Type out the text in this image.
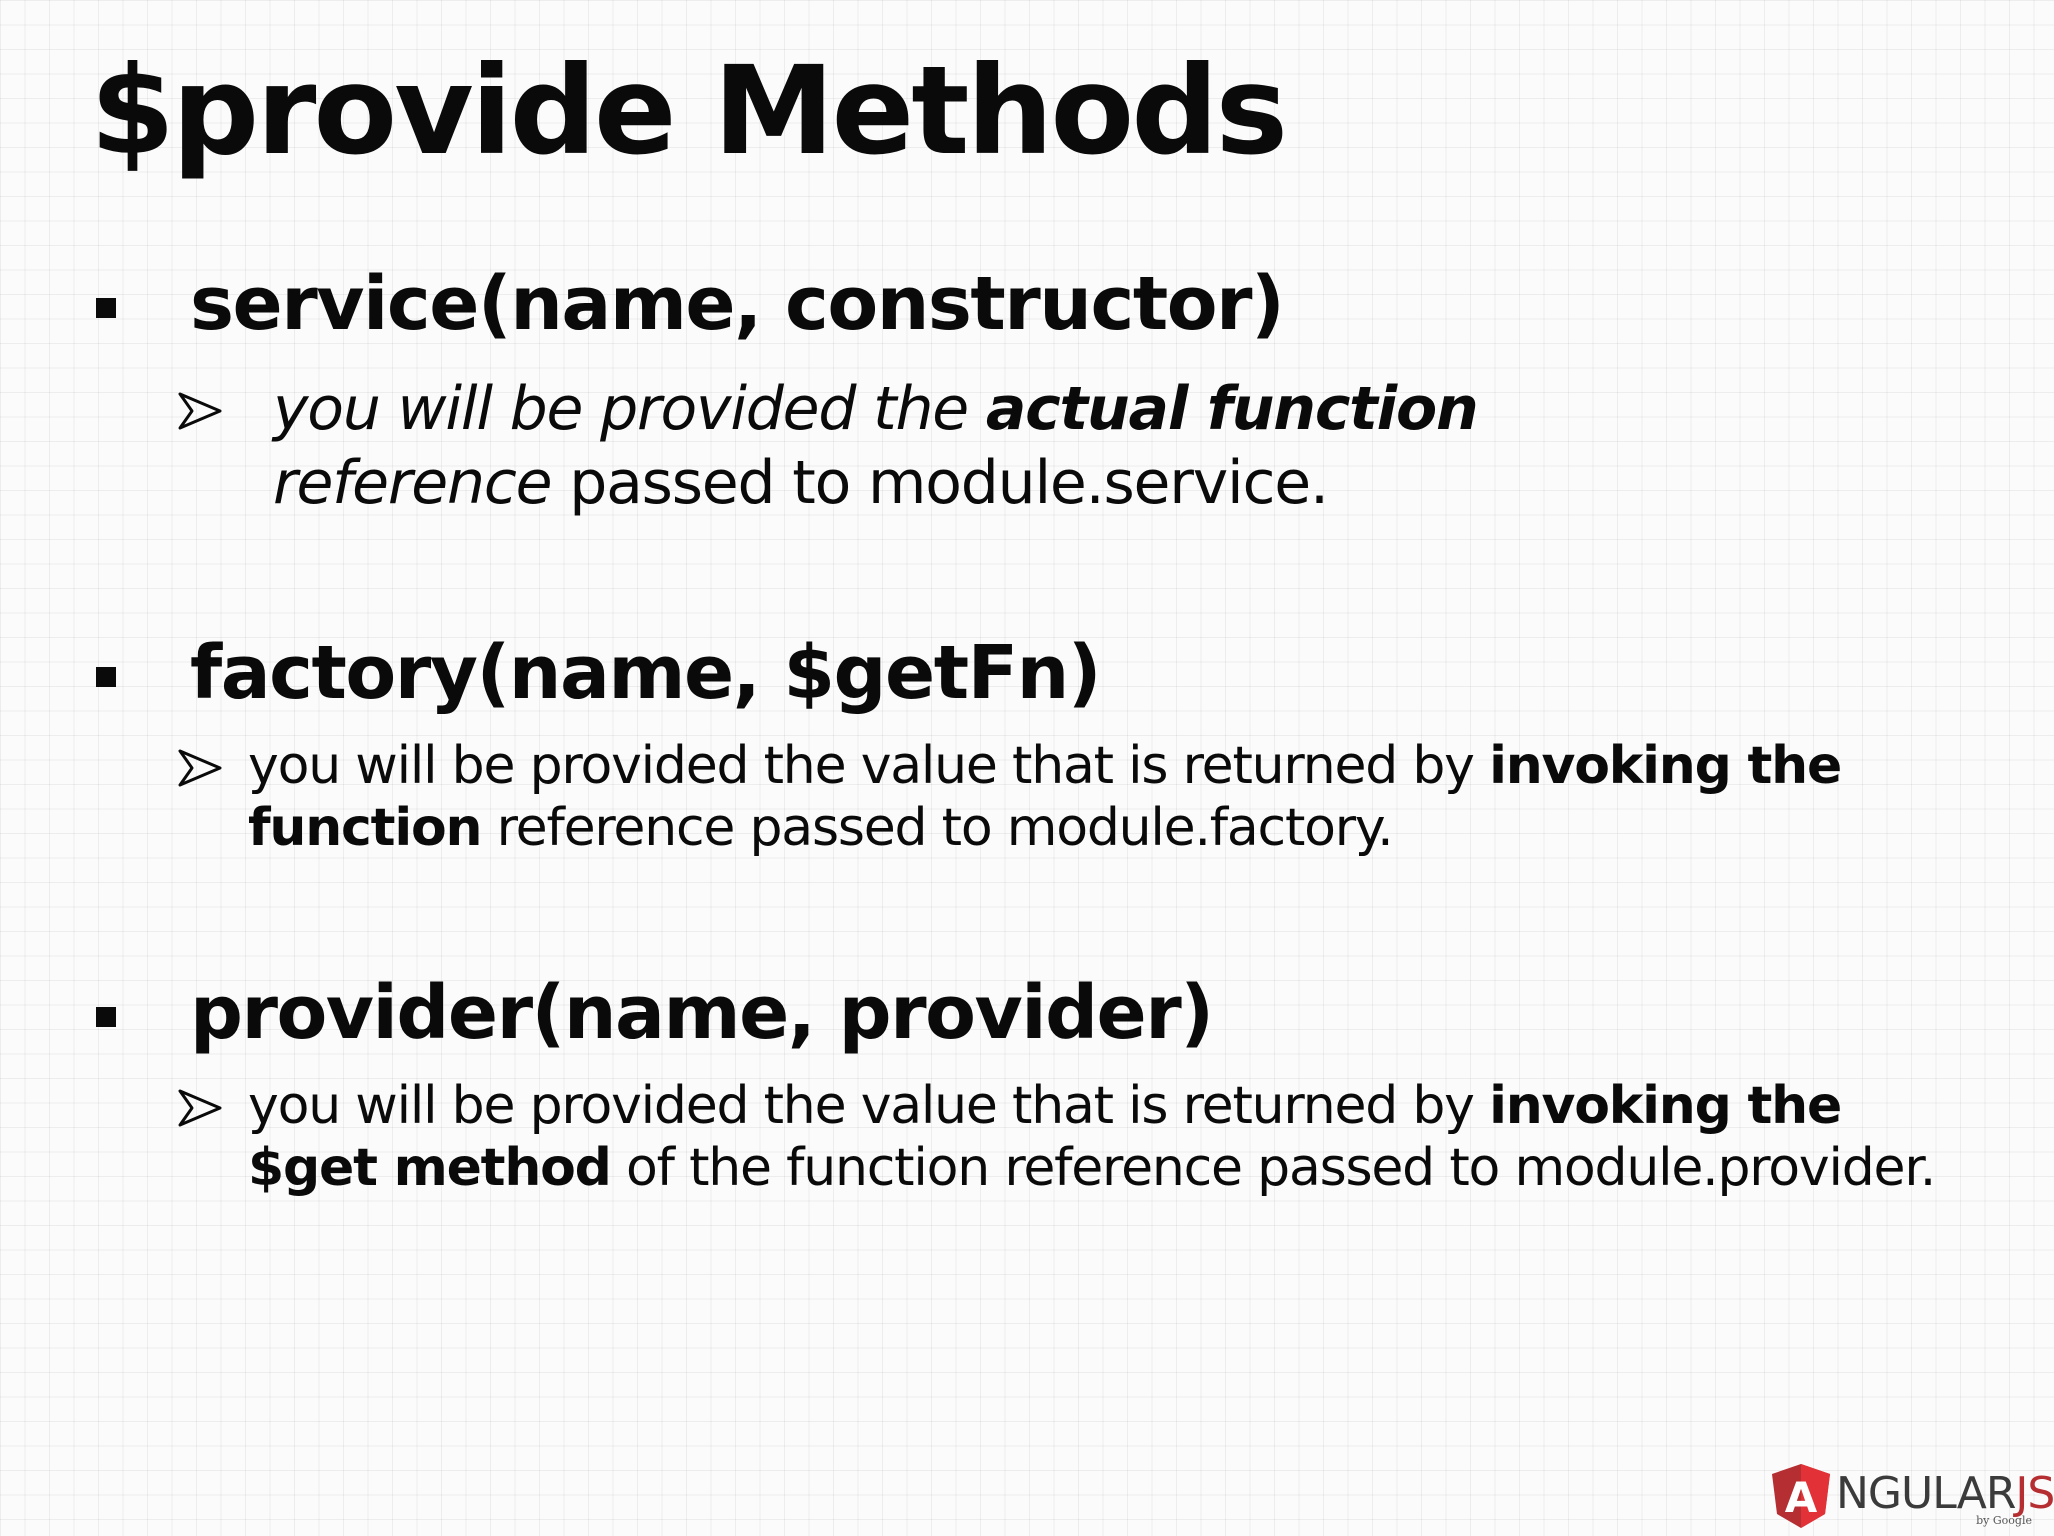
$provide Methods
service(name, constructor)

you will be provided the actual function
reference passed to module.service.

factory(name, $getFn)

you will be provided the value that is returned by invoking the
function reference passed to module.factory.

provider(name, provider)

you will be provided the value that is returned by invoking the
$get method of the function reference passed to module.provider.

A NGULARJS
by Google
